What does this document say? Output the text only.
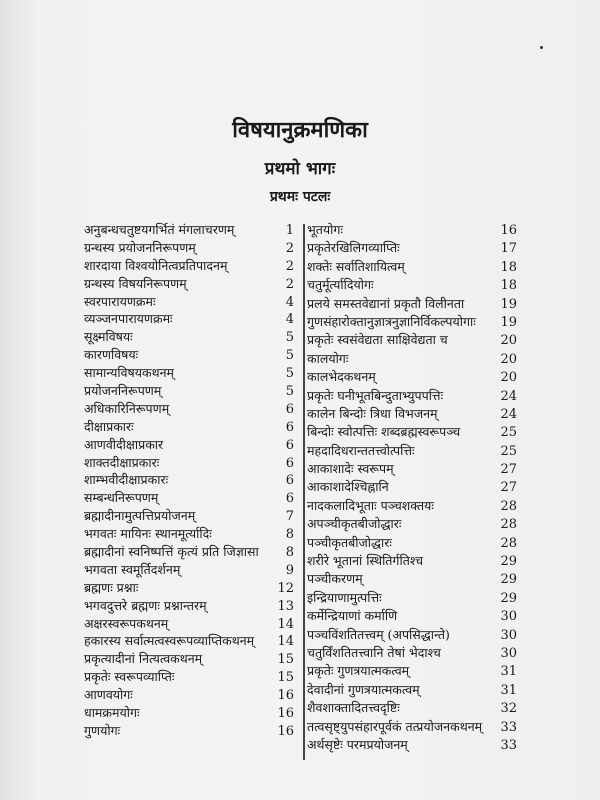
विषयानुक्रमणिका
प्रथमो भागः
प्रथमः पटलः
अनुबन्धचतुष्टयगर्भितं मंगलाचरणम्	1
ग्रन्थस्य प्रयोजननिरूपणम्	2
शारदाया विश्वयोनित्वप्रतिपादनम्	2
ग्रन्थस्य विषयनिरूपणम्	2
स्वरपारायणक्रमः	4
व्यञ्जनपारायणक्रमः	4
सूक्ष्मविषयः	5
कारणविषयः	5
सामान्यविषयकथनम्	5
प्रयोजननिरूपणम्	5
अधिकारिनिरूपणम्	6
दीक्षाप्रकारः	6
आणवीदीक्षाप्रकार	6
शाक्तदीक्षाप्रकारः	6
शाम्भवीदीक्षाप्रकारः	6
सम्बन्धनिरूपणम्	6
ब्रह्मादीनामुत्पत्तिप्रयोजनम्	7
भगवतः मायिनः स्थानमूर्त्यादिः	8
ब्रह्मादीनां स्वनिष्पत्तिं कृत्यं प्रति जिज्ञासा 8
भगवता स्वमूर्तिदर्शनम्	9
ब्रह्मणः प्रश्नाः	12
भगवदुत्तरे ब्रह्मणः प्रश्नान्तरम्	13
अक्षरस्वरूपकथनम्	14
हकारस्य सर्वात्मत्वस्वरूपव्याप्तिकथनम् 14
प्रकृत्यादीनां नित्यत्वकथनम्	15
प्रकृतेः स्वरूपव्याप्तिः	15
आणवयोगः	16
धामक्रमयोगः	16
गुणयोगः	16
भूतयोगः	16
प्रकृतेरखिलिगव्याप्तिः	17
शक्तेः सर्वातिशायित्वम्	18
चतुर्मूर्त्यादियोगः	18
प्रलये समस्तवेद्यानां प्रकृतौ विलीनता	19
गुणसंहारोक्तानुज्ञात्रनुज्ञानिर्विकल्पयोगाः 19
प्रकृतेः स्वसंवेद्यता साक्षिवेद्यता च	20
कालयोगः	20
कालभेदकथनम्	20
प्रकृतेः घनीभूतबिन्दुताभ्युपपत्तिः	24
कालेन बिन्दोः त्रिधा विभजनम्	24
बिन्दोः स्वोत्पत्तिः शब्दब्रह्मस्वरूपञ्च	25
महदादिधरान्ततत्त्वोत्पत्तिः	25
आकाशादेः स्वरूपम्	27
आकाशादेश्चिह्नानि	27
नादकलादिभूताः पञ्चशक्तयः	28
अपञ्चीकृतबीजोद्धारः	28
पञ्चीकृतबीजोद्धारः	28
शरीरे भूतानां स्थितिर्गतिश्च	29
पञ्चीकरणम्	29
इन्द्रियाणामुत्पत्तिः	29
कर्मेन्द्रियाणां कर्माणि	30
पञ्चविंशतितत्त्वम् (अपसिद्धान्ते)	30
चतुर्विंशतितत्त्वानि तेषां भेदाश्च	30
प्रकृतेः गुणत्रयात्मकत्वम्	31
देवादीनां गुणत्रयात्मकत्वम्	31
शैवशाक्तादितत्त्वदृष्टिः	32
तत्वसृष्ट्युपसंहारपूर्वकं तत्प्रयोजनकथनम् 33
अर्थसृष्टेः परमप्रयोजनम्	33
